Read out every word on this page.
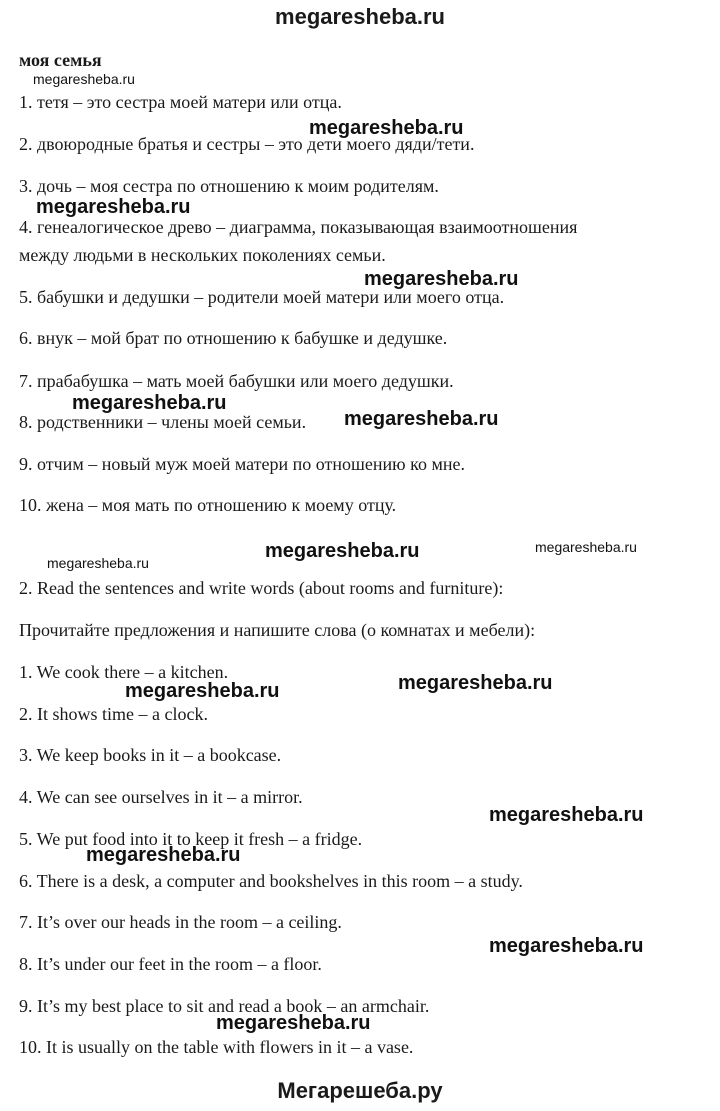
megaresheba.ru
моя семья
1. тетя – это сестра моей матери или отца.
2. двоюродные братья и сестры – это дети моего дяди/тети.
3. дочь – моя сестра по отношению к моим родителям.
4. генеалогическое древо – диаграмма, показывающая взаимоотношения
между людьми в нескольких поколениях семьи.
5. бабушки и дедушки – родители моей матери или моего отца.
6. внук – мой брат по отношению к бабушке и дедушке.
7. прабабушка – мать моей бабушки или моего дедушки.
8. родственники – члены моей семьи.
9. отчим – новый муж моей матери по отношению ко мне.
10. жена – моя мать по отношению к моему отцу.
2. Read the sentences and write words (about rooms and furniture):
Прочитайте предложения и напишите слова (о комнатах и мебели):
1. We cook there – a kitchen.
2. It shows time – a clock.
3. We keep books in it – a bookcase.
4. We can see ourselves in it – a mirror.
5. We put food into it to keep it fresh – a fridge.
6. There is a desk, a computer and bookshelves in this room – a study.
7. It’s over our heads in the room – a ceiling.
8. It’s under our feet in the room – a floor.
9. It’s my best place to sit and read a book – an armchair.
10. It is usually on the table with flowers in it – a vase.
megaresheba.ru
megaresheba.ru
megaresheba.ru
megaresheba.ru
megaresheba.ru
megaresheba.ru
megaresheba.ru
megaresheba.ru
megaresheba.ru
megaresheba.ru	megaresheba.ru
megaresheba.ru
megaresheba.ru
megaresheba.ru
megaresheba.ru
Мегарешеба.ру
